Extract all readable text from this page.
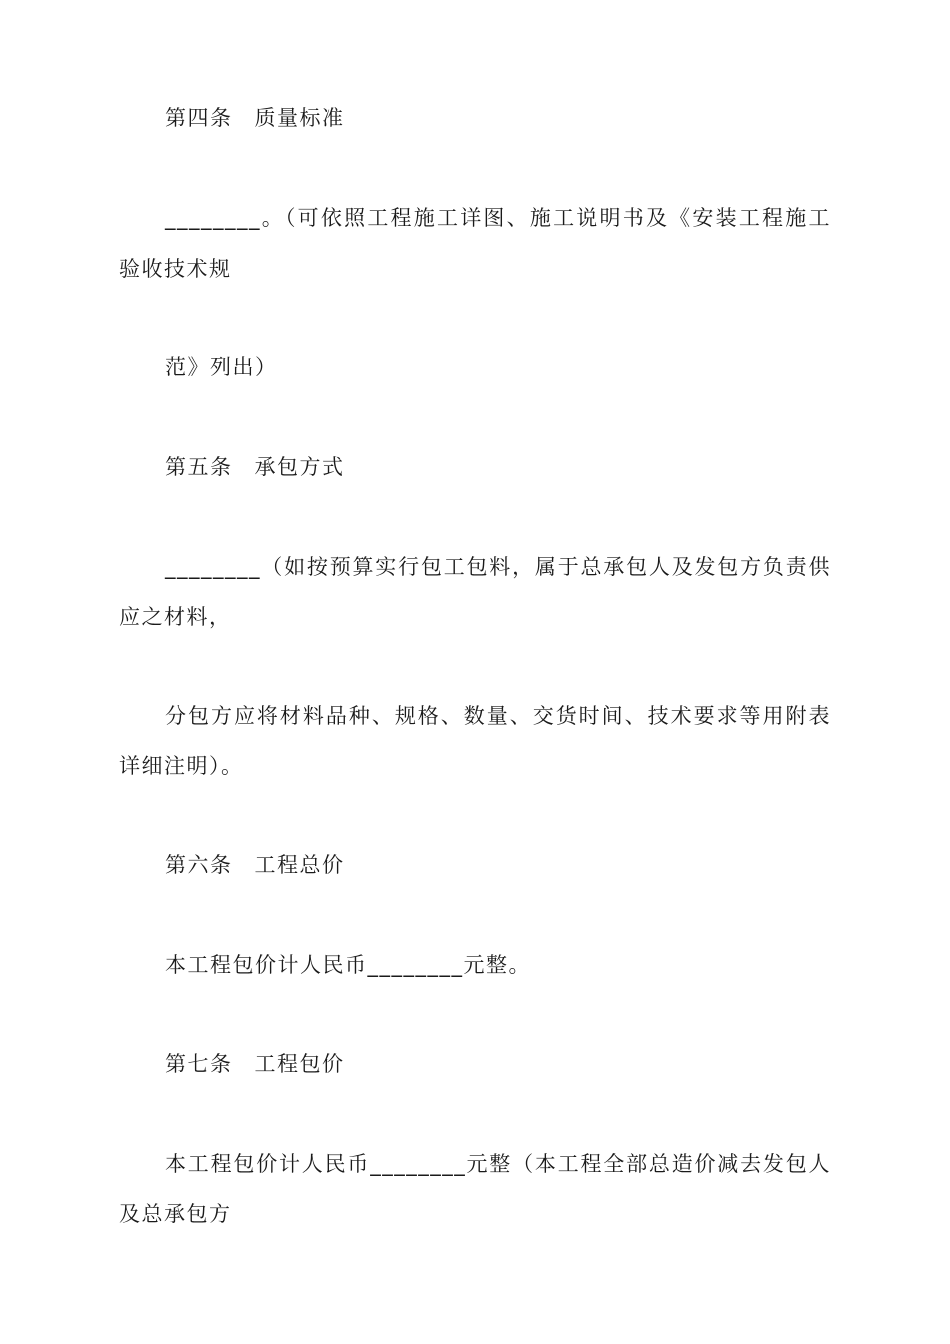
第四条 质量标准
________。（可依照工程施工详图、施工说明书及《安装工程施工
验收技术规
范》列出）
第五条 承包方式
________（如按预算实行包工包料，属于总承包人及发包方负责供
应之材料，
分包方应将材料品种、规格、数量、交货时间、技术要求等用附表
详细注明）。
第六条 工程总价
本工程包价计人民币________元整。
第七条 工程包价
本工程包价计人民币________元整（本工程全部总造价减去发包人
及总承包方
